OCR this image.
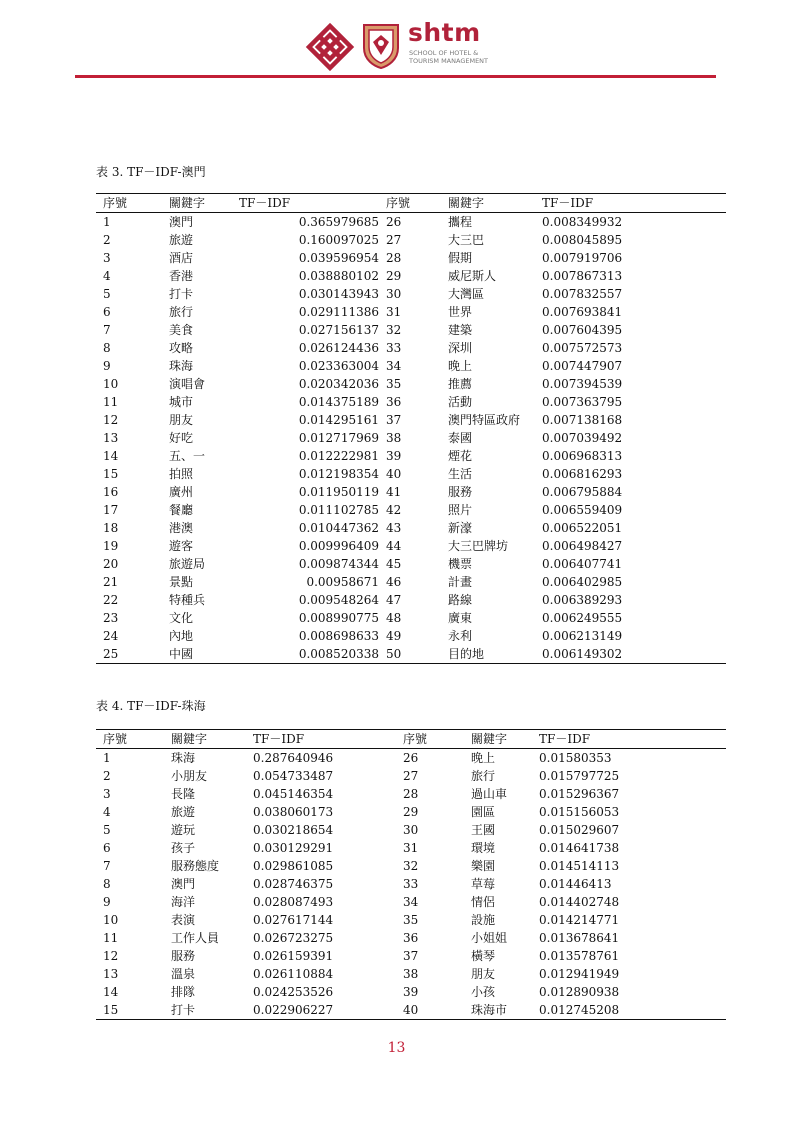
shtm
SCHOOL OF HOTEL &
TOURISM MANAGEMENT
表 3. TF－IDF-澳門
序號	關鍵字	TF－IDF	序號	關鍵字	TF－IDF
1	澳門	0.365979685	26	攜程	0.008349932
2	旅遊	0.160097025	27	大三巴	0.008045895
3	酒店	0.039596954	28	假期	0.007919706
4	香港	0.038880102	29	威尼斯人	0.007867313
5	打卡	0.030143943	30	大灣區	0.007832557
6	旅行	0.029111386	31	世界	0.007693841
7	美食	0.027156137	32	建築	0.007604395
8	攻略	0.026124436	33	深圳	0.007572573
9	珠海	0.023363004	34	晚上	0.007447907
10	演唱會	0.020342036	35	推薦	0.007394539
11	城市	0.014375189	36	活動	0.007363795
12	朋友	0.014295161	37	澳門特區政府	0.007138168
13	好吃	0.012717969	38	泰國	0.007039492
14	五、一	0.012222981	39	煙花	0.006968313
15	拍照	0.012198354	40	生活	0.006816293
16	廣州	0.011950119	41	服務	0.006795884
17	餐廳	0.011102785	42	照片	0.006559409
18	港澳	0.010447362	43	新濠	0.006522051
19	遊客	0.009996409	44	大三巴牌坊	0.006498427
20	旅遊局	0.009874344	45	機票	0.006407741
21	景點	0.00958671	46	計畫	0.006402985
22	特種兵	0.009548264	47	路線	0.006389293
23	文化	0.008990775	48	廣東	0.006249555
24	內地	0.008698633	49	永利	0.006213149
25	中國	0.008520338	50	目的地	0.006149302
表 4. TF－IDF-珠海
序號	關鍵字	TF－IDF	序號	關鍵字	TF－IDF
1	珠海	0.287640946	26	晚上	0.01580353
2	小朋友	0.054733487	27	旅行	0.015797725
3	長隆	0.045146354	28	過山車	0.015296367
4	旅遊	0.038060173	29	園區	0.015156053
5	遊玩	0.030218654	30	王國	0.015029607
6	孩子	0.030129291	31	環境	0.014641738
7	服務態度	0.029861085	32	樂園	0.014514113
8	澳門	0.028746375	33	草莓	0.01446413
9	海洋	0.028087493	34	情侶	0.014402748
10	表演	0.027617144	35	設施	0.014214771
11	工作人員	0.026723275	36	小姐姐	0.013678641
12	服務	0.026159391	37	橫琴	0.013578761
13	溫泉	0.026110884	38	朋友	0.012941949
14	排隊	0.024253526	39	小孩	0.012890938
15	打卡	0.022906227	40	珠海市	0.012745208
13
